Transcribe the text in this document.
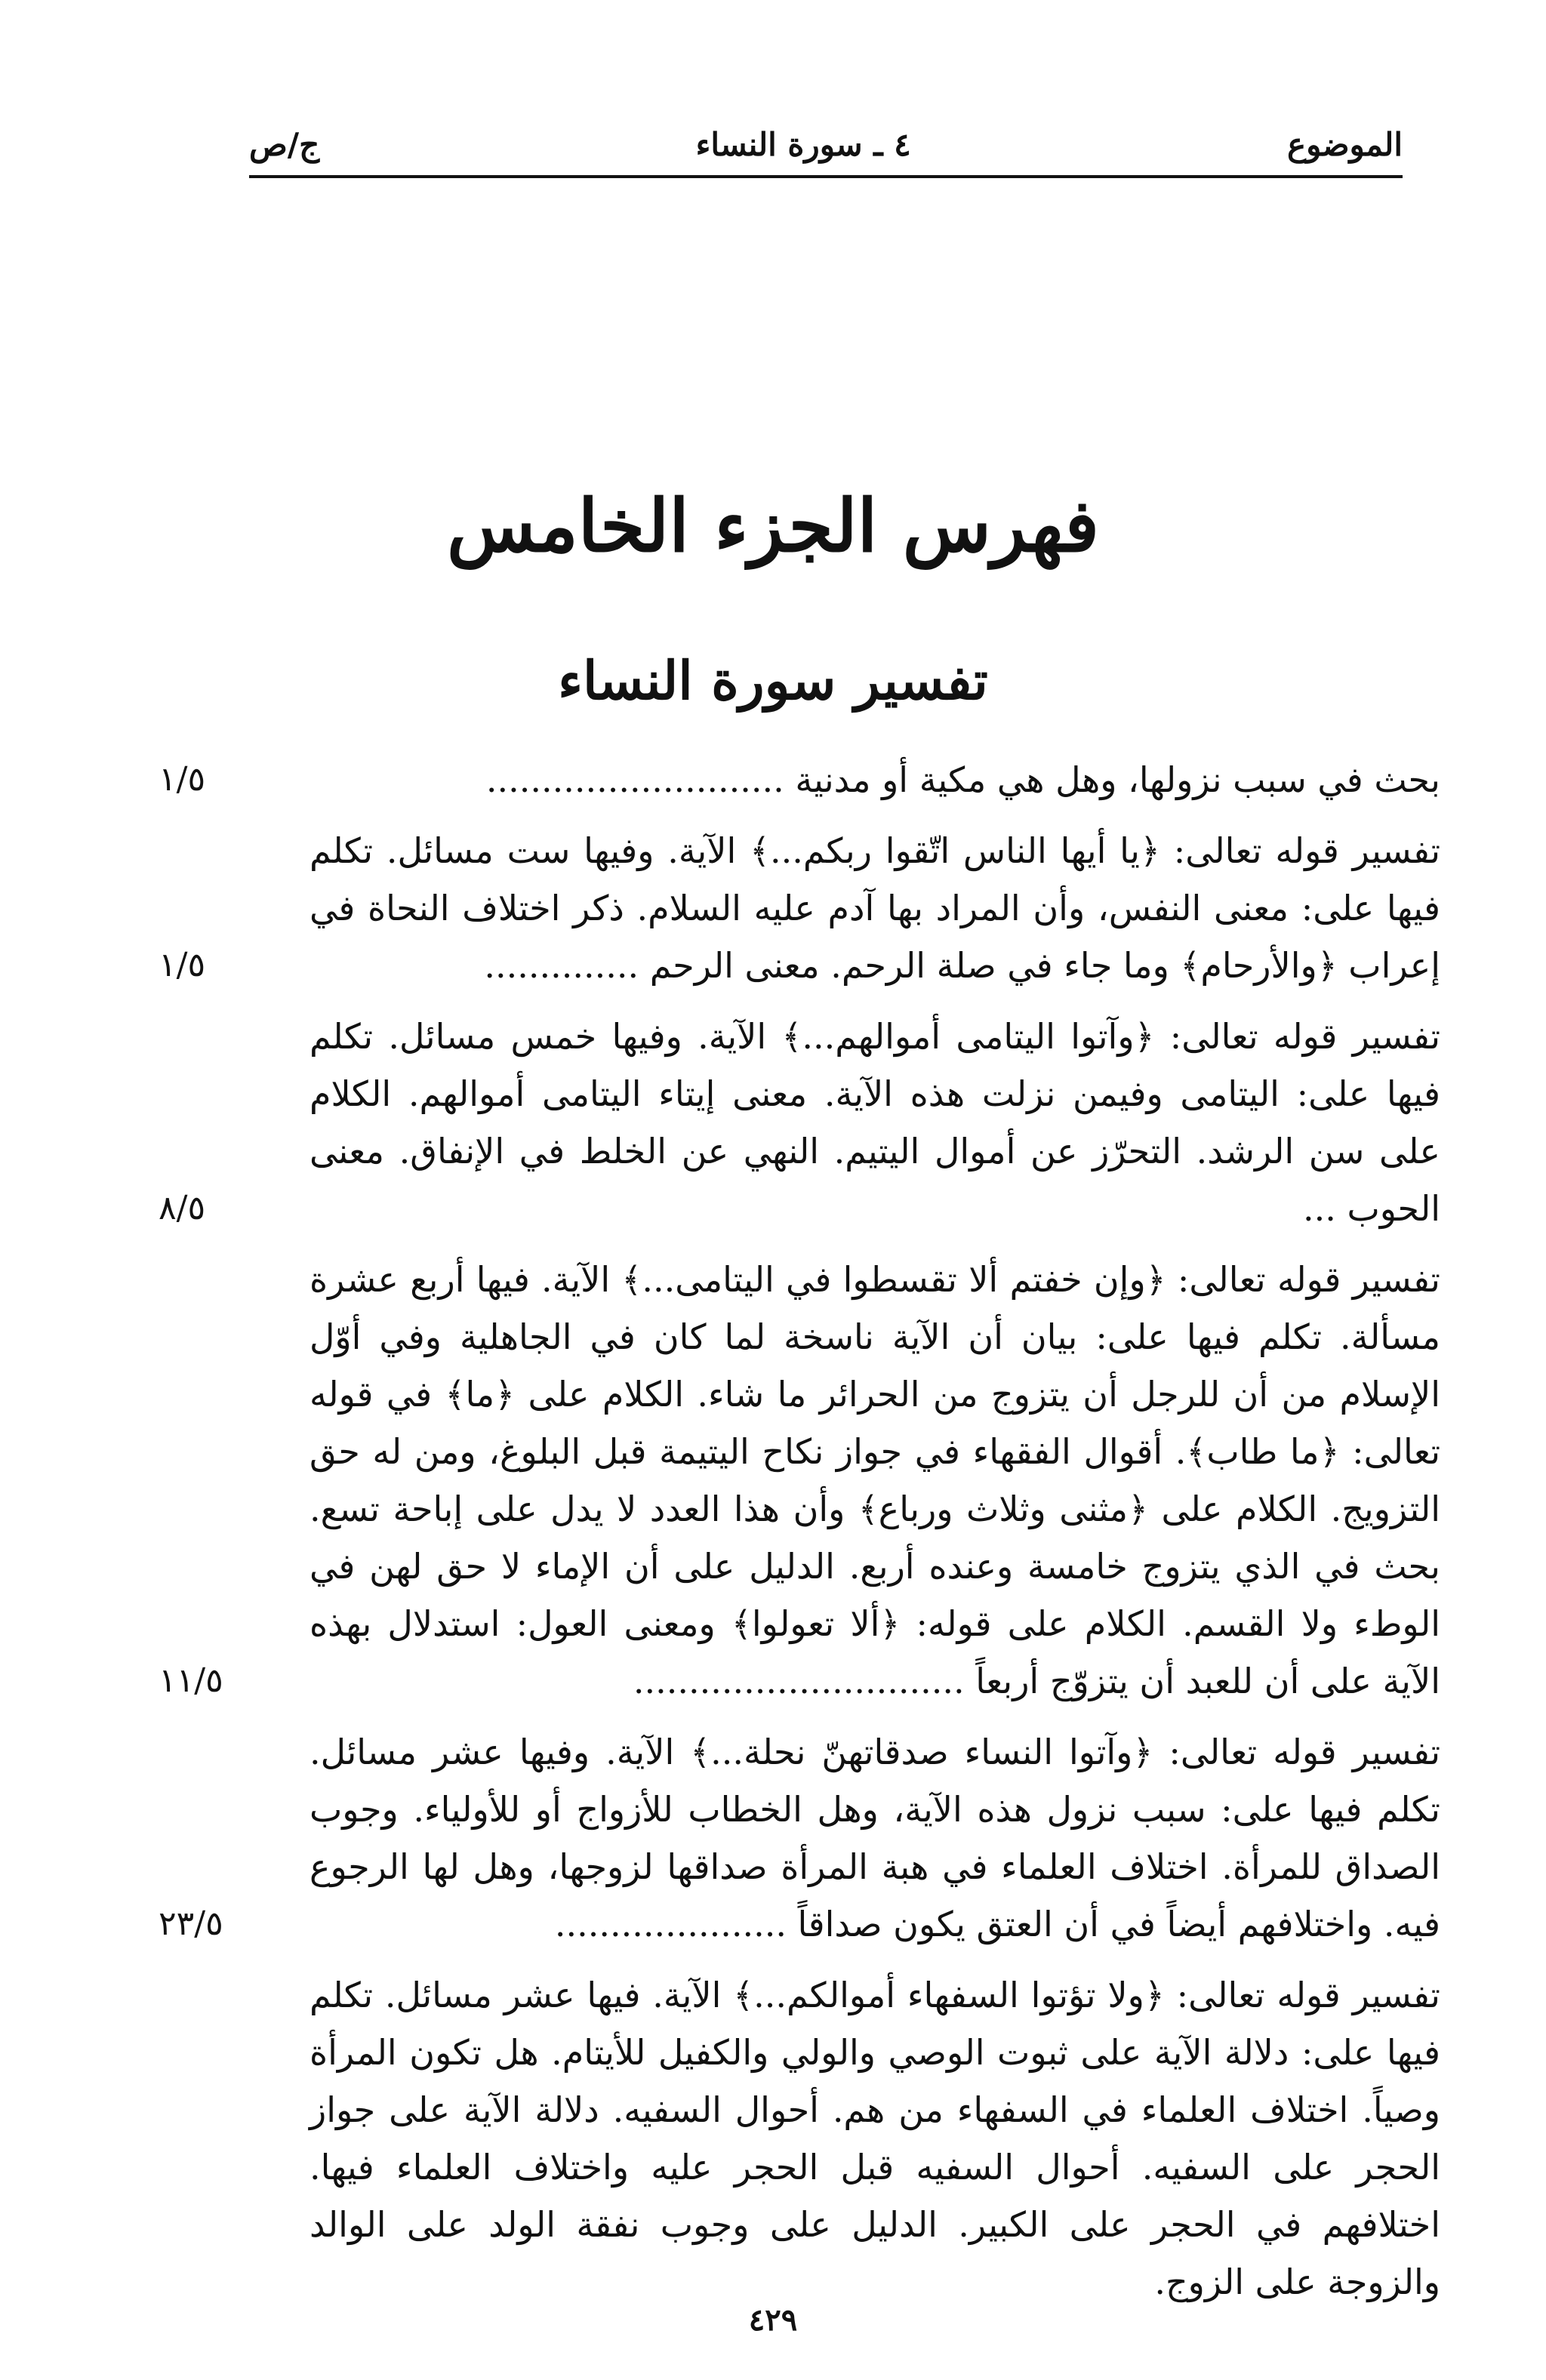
الموضوع
٤ ـ سورة النساء
ج/ص
فهرس الجزء الخامس
تفسير سورة النساء
بحث في سبب نزولها، وهل هي مكية أو مدنية ...........................
١/٥
تفسير قوله تعالى: ﴿يا أيها الناس اتّقوا ربكم...﴾ الآية. وفيها ست مسائل. تكلم فيها على: معنى النفس، وأن المراد بها آدم عليه السلام. ذكر اختلاف النحاة في إعراب ﴿والأرحام﴾ وما جاء في صلة الرحم. معنى الرحم ..............
١/٥
تفسير قوله تعالى: ﴿وآتوا اليتامى أموالهم...﴾ الآية. وفيها خمس مسائل. تكلم فيها على: اليتامى وفيمن نزلت هذه الآية. معنى إيتاء اليتامى أموالهم. الكلام على سن الرشد. التحرّز عن أموال اليتيم. النهي عن الخلط في الإنفاق. معنى الحوب ...
٨/٥
تفسير قوله تعالى: ﴿وإن خفتم ألا تقسطوا في اليتامى...﴾ الآية. فيها أربع عشرة مسألة. تكلم فيها على: بيان أن الآية ناسخة لما كان في الجاهلية وفي أوّل الإسلام من أن للرجل أن يتزوج من الحرائر ما شاء. الكلام على ﴿ما﴾ في قوله تعالى: ﴿ما طاب﴾. أقوال الفقهاء في جواز نكاح اليتيمة قبل البلوغ، ومن له حق التزويج. الكلام على ﴿مثنى وثلاث ورباع﴾ وأن هذا العدد لا يدل على إباحة تسع. بحث في الذي يتزوج خامسة وعنده أربع. الدليل على أن الإماء لا حق لهن في الوطء ولا القسم. الكلام على قوله: ﴿ألا تعولوا﴾ ومعنى العول: استدلال بهذه الآية على أن للعبد أن يتزوّج أربعاً ..............................
١١/٥
تفسير قوله تعالى: ﴿وآتوا النساء صدقاتهنّ نحلة...﴾ الآية. وفيها عشر مسائل. تكلم فيها على: سبب نزول هذه الآية، وهل الخطاب للأزواج أو للأولياء. وجوب الصداق للمرأة. اختلاف العلماء في هبة المرأة صداقها لزوجها، وهل لها الرجوع فيه. واختلافهم أيضاً في أن العتق يكون صداقاً .....................
٢٣/٥
تفسير قوله تعالى: ﴿ولا تؤتوا السفهاء أموالكم...﴾ الآية. فيها عشر مسائل. تكلم فيها على: دلالة الآية على ثبوت الوصي والولي والكفيل للأيتام. هل تكون المرأة وصياً. اختلاف العلماء في السفهاء من هم. أحوال السفيه. دلالة الآية على جواز الحجر على السفيه. أحوال السفيه قبل الحجر عليه واختلاف العلماء فيها. اختلافهم في الحجر على الكبير. الدليل على وجوب نفقة الولد على الوالد والزوجة على الزوج.
٤٢٩
